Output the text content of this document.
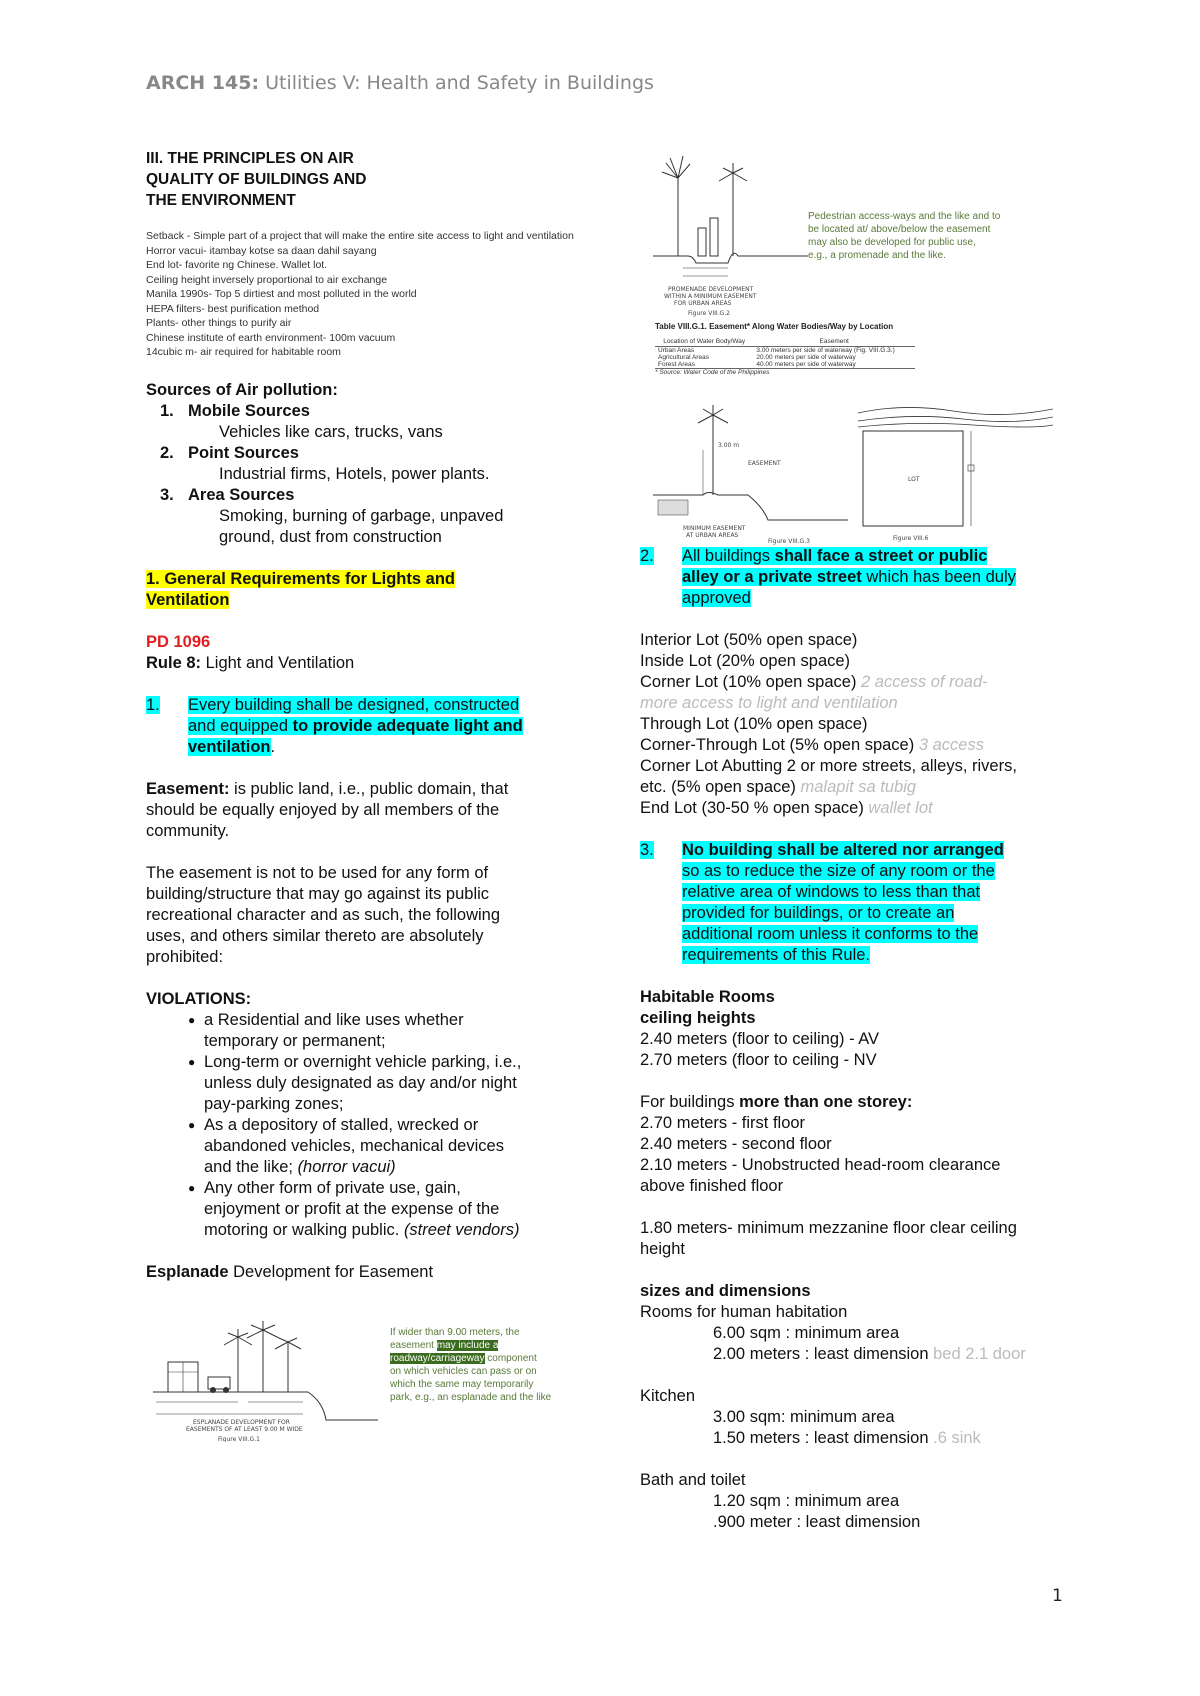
ARCH 145: Utilities V: Health and Safety in Buildings
III. THE PRINCIPLES ON AIR
QUALITY OF BUILDINGS AND
THE ENVIRONMENT
Setback - Simple part of a project that will make the entire site access to light and ventilation
Horror vacui- itambay kotse sa daan dahil sayang
End lot- favorite ng Chinese. Wallet lot.
Ceiling height inversely proportional to air exchange
Manila 1990s- Top 5 dirtiest and most polluted in the world
HEPA filters- best purification method
Plants- other things to purify air
Chinese institute of earth environment- 100m vacuum
14cubic m- air required for habitable room
Sources of Air pollution:
1. Mobile Sources
Vehicles like cars, trucks, vans
2. Point Sources
Industrial firms, Hotels, power plants.
3. Area Sources
Smoking, burning of garbage, unpaved
ground, dust from construction
1. General Requirements for Lights and
Ventilation
PD 1096
Rule 8: Light and Ventilation
1.	Every building shall be designed, constructed
and equipped to provide adequate light and
ventilation.
Easement: is public land, i.e., public domain, that
should be equally enjoyed by all members of the
community.
The easement is not to be used for any form of
building/structure that may go against its public
recreational character and as such, the following
uses, and others similar thereto are absolutely
prohibited:
VIOLATIONS:
● a Residential and like uses whether
temporary or permanent;
● Long-term or overnight vehicle parking, i.e.,
unless duly designated as day and/or night
pay-parking zones;
● As a depository of stalled, wrecked or
abandoned vehicles, mechanical devices
and the like; (horror vacui)
● Any other form of private use, gain,
enjoyment or profit at the expense of the
motoring or walking public. (street vendors)
Esplanade Development for Easement
ESPLANADE DEVELOPMENT FOR
EASEMENTS OF AT LEAST 9.00 M WIDE
Figure VIII.G.1
If wider than 9.00 meters, the
easement may include a
roadway/carriageway component
on which vehicles can pass or on
which the same may temporarily
park, e.g., an esplanade and the like
PROMENADE DEVELOPMENT
WITHIN A MINIMUM EASEMENT
FOR URBAN AREAS
Figure VIII.G.2
Pedestrian access-ways and the like and to
be located at/ above/below the easement
may also be developed for public use,
e.g., a promenade and the like.
Table VIII.G.1. Easement* Along Water Bodies/Way by Location
Location of Water Body/Way	Easement
Urban Areas	3.00 meters per side of waterway (Fig. VIII.G.3.)
Agricultural Areas	20.00 meters per side of waterway
Forest Areas	40.00 meters per side of waterway
* Source: Water Code of the Philippines
3.00 m
EASEMENT
MINIMUM EASEMENT
AT URBAN AREAS
Figure VIII.G.3
LOT
Figure VIII.6
2.	All buildings shall face a street or public
alley or a private street which has been duly
approved
Interior Lot (50% open space)
Inside Lot (20% open space)
Corner Lot (10% open space) 2 access of road-
more access to light and ventilation
Through Lot (10% open space)
Corner-Through Lot (5% open space) 3 access
Corner Lot Abutting 2 or more streets, alleys, rivers,
etc. (5% open space) malapit sa tubig
End Lot (30-50 % open space) wallet lot
3.	No building shall be altered nor arranged
so as to reduce the size of any room or the
relative area of windows to less than that
provided for buildings, or to create an
additional room unless it conforms to the
requirements of this Rule.
Habitable Rooms
ceiling heights
2.40 meters (floor to ceiling) - AV
2.70 meters (floor to ceiling - NV
For buildings more than one storey:
2.70 meters - first floor
2.40 meters - second floor
2.10 meters - Unobstructed head-room clearance
above finished floor
1.80 meters- minimum mezzanine floor clear ceiling
height
sizes and dimensions
Rooms for human habitation
6.00 sqm : minimum area
2.00 meters : least dimension bed 2.1 door
Kitchen
3.00 sqm: minimum area
1.50 meters : least dimension .6 sink
Bath and toilet
1.20 sqm : minimum area
.900 meter : least dimension
1
